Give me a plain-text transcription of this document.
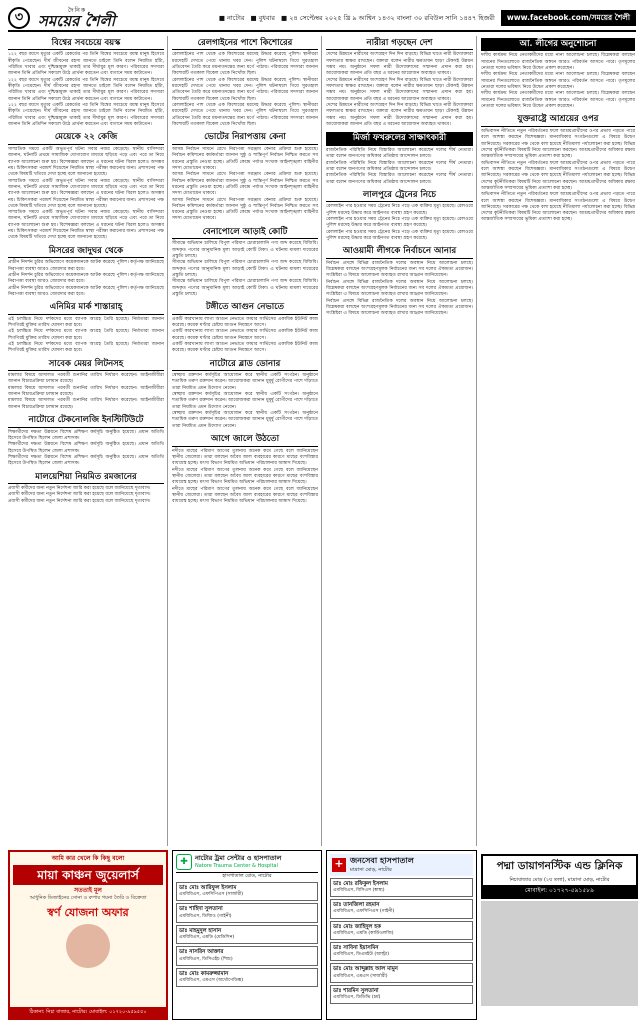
৩
দৈনিক
সময়ের শৈলী	■ নাটোর ■ বুধবার ■ ২৪ সেপ্টেম্বর ২০২৫ খ্রি ৯ আশ্বিন ১৪৩২ বাংলা ৩০ রবিউল সানি ১৪৪৭ হিজরী	www.facebook.com/সময়ের শৈলী
বিশ্বের সবচেয়ে বয়স্ক

১২২ বছর বয়সে মৃত্যুর একটি রেকর্ডের পর তিনি বিশ্বের সবচেয়ে বয়স্ক মানুষ হিসেবে স্বীকৃতি পেয়েছেন। দীর্ঘ জীবনের রহস্য জানতে চাইলে তিনি বলেন নিয়মিত হাঁটা, পরিমিত খাবার এবং দুশ্চিন্তামুক্ত থাকাই তার দীর্ঘায়ুর মূল কারণ। পরিবারের সদস্যরা জানান তিনি প্রতিদিন সকালে উঠে প্রার্থনা করতেন এবং বাগানে সময় কাটাতেন।

১২২ বছর বয়সে মৃত্যুর একটি রেকর্ডের পর তিনি বিশ্বের সবচেয়ে বয়স্ক মানুষ হিসেবে স্বীকৃতি পেয়েছেন। দীর্ঘ জীবনের রহস্য জানতে চাইলে তিনি বলেন নিয়মিত হাঁটা, পরিমিত খাবার এবং দুশ্চিন্তামুক্ত থাকাই তার দীর্ঘায়ুর মূল কারণ। পরিবারের সদস্যরা জানান তিনি প্রতিদিন সকালে উঠে প্রার্থনা করতেন এবং বাগানে সময় কাটাতেন।

১২২ বছর বয়সে মৃত্যুর একটি রেকর্ডের পর তিনি বিশ্বের সবচেয়ে বয়স্ক মানুষ হিসেবে স্বীকৃতি পেয়েছেন। দীর্ঘ জীবনের রহস্য জানতে চাইলে তিনি বলেন নিয়মিত হাঁটা, পরিমিত খাবার এবং দুশ্চিন্তামুক্ত থাকাই তার দীর্ঘায়ুর মূল কারণ। পরিবারের সদস্যরা জানান তিনি প্রতিদিন সকালে উঠে প্রার্থনা করতেন এবং বাগানে সময় কাটাতেন।

মেয়েকে ২২ কেজি

সাম্প্রতিক সময়ে একটি অভূতপূর্ব ঘটনা সবার নজর কেড়েছে। স্থানীয় বাসিন্দারা জানান, ঘটনাটি প্রথমে সামাজিক যোগাযোগ মাধ্যমে ছড়িয়ে পড়ে এবং পরে তা নিয়ে ব্যাপক আলোচনা শুরু হয়। বিশেষজ্ঞরা বলছেন এ ধরনের ঘটনা বিরল হলেও অসম্ভব নয়। চিকিৎসকরা পরামর্শ দিয়েছেন নিয়মিত স্বাস্থ্য পরীক্ষা করানোর জন্য। প্রশাসনের পক্ষ থেকে বিষয়টি খতিয়ে দেখা হচ্ছে বলে জানানো হয়েছে।

সাম্প্রতিক সময়ে একটি অভূতপূর্ব ঘটনা সবার নজর কেড়েছে। স্থানীয় বাসিন্দারা জানান, ঘটনাটি প্রথমে সামাজিক যোগাযোগ মাধ্যমে ছড়িয়ে পড়ে এবং পরে তা নিয়ে ব্যাপক আলোচনা শুরু হয়। বিশেষজ্ঞরা বলছেন এ ধরনের ঘটনা বিরল হলেও অসম্ভব নয়। চিকিৎসকরা পরামর্শ দিয়েছেন নিয়মিত স্বাস্থ্য পরীক্ষা করানোর জন্য। প্রশাসনের পক্ষ থেকে বিষয়টি খতিয়ে দেখা হচ্ছে বলে জানানো হয়েছে।

সাম্প্রতিক সময়ে একটি অভূতপূর্ব ঘটনা সবার নজর কেড়েছে। স্থানীয় বাসিন্দারা জানান, ঘটনাটি প্রথমে সামাজিক যোগাযোগ মাধ্যমে ছড়িয়ে পড়ে এবং পরে তা নিয়ে ব্যাপক আলোচনা শুরু হয়। বিশেষজ্ঞরা বলছেন এ ধরনের ঘটনা বিরল হলেও অসম্ভব নয়। চিকিৎসকরা পরামর্শ দিয়েছেন নিয়মিত স্বাস্থ্য পরীক্ষা করানোর জন্য। প্রশাসনের পক্ষ থেকে বিষয়টি খতিয়ে দেখা হচ্ছে বলে জানানো হয়েছে।

মিসরের জাদুঘর থেকে

প্রাচীন নিদর্শন চুরির অভিযোগে কয়েকজনকে আটক করেছে পুলিশ। কর্তৃপক্ষ জানিয়েছে নিরাপত্তা ব্যবস্থা আরও জোরদার করা হবে।

প্রাচীন নিদর্শন চুরির অভিযোগে কয়েকজনকে আটক করেছে পুলিশ। কর্তৃপক্ষ জানিয়েছে নিরাপত্তা ব্যবস্থা আরও জোরদার করা হবে।

প্রাচীন নিদর্শন চুরির অভিযোগে কয়েকজনকে আটক করেছে পুলিশ। কর্তৃপক্ষ জানিয়েছে নিরাপত্তা ব্যবস্থা আরও জোরদার করা হবে।

এনিমির মার্ক শাস্তারাহ্‌

এই চলচ্চিত্র নিয়ে দর্শকদের মধ্যে ব্যাপক আগ্রহ তৈরি হয়েছে। নির্মাতারা জানান শিগগিরই মুক্তির তারিখ ঘোষণা করা হবে।

এই চলচ্চিত্র নিয়ে দর্শকদের মধ্যে ব্যাপক আগ্রহ তৈরি হয়েছে। নির্মাতারা জানান শিগগিরই মুক্তির তারিখ ঘোষণা করা হবে।

এই চলচ্চিত্র নিয়ে দর্শকদের মধ্যে ব্যাপক আগ্রহ তৈরি হয়েছে। নির্মাতারা জানান শিগগিরই মুক্তির তারিখ ঘোষণা করা হবে।

সাবেক মেয়র লিটনসহ

মামলার বিষয়ে আদালত পরবর্তী শুনানির তারিখ নির্ধারণ করেছেন। আইনজীবীরা জানান বিচারপ্রক্রিয়া চলমান রয়েছে।

মামলার বিষয়ে আদালত পরবর্তী শুনানির তারিখ নির্ধারণ করেছেন। আইনজীবীরা জানান বিচারপ্রক্রিয়া চলমান রয়েছে।

মামলার বিষয়ে আদালত পরবর্তী শুনানির তারিখ নির্ধারণ করেছেন। আইনজীবীরা জানান বিচারপ্রক্রিয়া চলমান রয়েছে।

নাটোরে টেকনোলজি ইনস্টিটিউটে

শিক্ষার্থীদের দক্ষতা উন্নয়নে বিশেষ প্রশিক্ষণ কর্মসূচি অনুষ্ঠিত হয়েছে। প্রধান অতিথি হিসেবে উপস্থিত ছিলেন জেলা প্রশাসক।

শিক্ষার্থীদের দক্ষতা উন্নয়নে বিশেষ প্রশিক্ষণ কর্মসূচি অনুষ্ঠিত হয়েছে। প্রধান অতিথি হিসেবে উপস্থিত ছিলেন জেলা প্রশাসক।

শিক্ষার্থীদের দক্ষতা উন্নয়নে বিশেষ প্রশিক্ষণ কর্মসূচি অনুষ্ঠিত হয়েছে। প্রধান অতিথি হিসেবে উপস্থিত ছিলেন জেলা প্রশাসক।

মালয়েশিয়া নিয়মিত রমজানের

প্রবাসী কর্মীদের জন্য নতুন নির্দেশনা জারি করা হয়েছে বলে জানিয়েছে দূতাবাস।

প্রবাসী কর্মীদের জন্য নতুন নির্দেশনা জারি করা হয়েছে বলে জানিয়েছে দূতাবাস।

প্রবাসী কর্মীদের জন্য নতুন নির্দেশনা জারি করা হয়েছে বলে জানিয়েছে দূতাবাস।

রেলগাইনের পাশে কিশোরের

রেললাইনের পাশ থেকে এক কিশোরের মরদেহ উদ্ধার করেছে পুলিশ। স্থানীয়রা মরদেহটি দেখতে পেয়ে থানায় খবর দেন। পুলিশ ঘটনাস্থলে গিয়ে সুরতহাল প্রতিবেদন তৈরি করে ময়নাতদন্তের জন্য মর্গে পাঠায়। পরিবারের সদস্যরা জানান কিশোরটি গতকাল বিকেল থেকে নিখোঁজ ছিল।

রেললাইনের পাশ থেকে এক কিশোরের মরদেহ উদ্ধার করেছে পুলিশ। স্থানীয়রা মরদেহটি দেখতে পেয়ে থানায় খবর দেন। পুলিশ ঘটনাস্থলে গিয়ে সুরতহাল প্রতিবেদন তৈরি করে ময়নাতদন্তের জন্য মর্গে পাঠায়। পরিবারের সদস্যরা জানান কিশোরটি গতকাল বিকেল থেকে নিখোঁজ ছিল।

রেললাইনের পাশ থেকে এক কিশোরের মরদেহ উদ্ধার করেছে পুলিশ। স্থানীয়রা মরদেহটি দেখতে পেয়ে থানায় খবর দেন। পুলিশ ঘটনাস্থলে গিয়ে সুরতহাল প্রতিবেদন তৈরি করে ময়নাতদন্তের জন্য মর্গে পাঠায়। পরিবারের সদস্যরা জানান কিশোরটি গতকাল বিকেল থেকে নিখোঁজ ছিল।

ভোটের নিরাপত্তায় কেনা

আসন্ন নির্বাচন সামনে রেখে নিরাপত্তা সরঞ্জাম কেনার প্রক্রিয়া শুরু হয়েছে। নির্বাচন কমিশনের কর্মকর্তারা জানান সুষ্ঠু ও শান্তিপূর্ণ নির্বাচন নিশ্চিত করতে সব ধরনের প্রস্তুতি নেওয়া হচ্ছে। প্রতিটি কেন্দ্রে পর্যাপ্ত সংখ্যক আইনশৃঙ্খলা বাহিনীর সদস্য মোতায়েন থাকবে।

আসন্ন নির্বাচন সামনে রেখে নিরাপত্তা সরঞ্জাম কেনার প্রক্রিয়া শুরু হয়েছে। নির্বাচন কমিশনের কর্মকর্তারা জানান সুষ্ঠু ও শান্তিপূর্ণ নির্বাচন নিশ্চিত করতে সব ধরনের প্রস্তুতি নেওয়া হচ্ছে। প্রতিটি কেন্দ্রে পর্যাপ্ত সংখ্যক আইনশৃঙ্খলা বাহিনীর সদস্য মোতায়েন থাকবে।

আসন্ন নির্বাচন সামনে রেখে নিরাপত্তা সরঞ্জাম কেনার প্রক্রিয়া শুরু হয়েছে। নির্বাচন কমিশনের কর্মকর্তারা জানান সুষ্ঠু ও শান্তিপূর্ণ নির্বাচন নিশ্চিত করতে সব ধরনের প্রস্তুতি নেওয়া হচ্ছে। প্রতিটি কেন্দ্রে পর্যাপ্ত সংখ্যক আইনশৃঙ্খলা বাহিনীর সদস্য মোতায়েন থাকবে।

বেনাপোলে আড়াই কোটি

সীমান্তে অভিযান চালিয়ে বিপুল পরিমাণ চোরাচালানি পণ্য জব্দ করেছে বিজিবি। জব্দকৃত পণ্যের আনুমানিক মূল্য আড়াই কোটি টাকা। এ ঘটনায় মামলা দায়েরের প্রস্তুতি চলছে।

সীমান্তে অভিযান চালিয়ে বিপুল পরিমাণ চোরাচালানি পণ্য জব্দ করেছে বিজিবি। জব্দকৃত পণ্যের আনুমানিক মূল্য আড়াই কোটি টাকা। এ ঘটনায় মামলা দায়েরের প্রস্তুতি চলছে।

সীমান্তে অভিযান চালিয়ে বিপুল পরিমাণ চোরাচালানি পণ্য জব্দ করেছে বিজিবি। জব্দকৃত পণ্যের আনুমানিক মূল্য আড়াই কোটি টাকা। এ ঘটনায় মামলা দায়েরের প্রস্তুতি চলছে।

টঙ্গীতে আগুন নেভাতে

একটি কারখানায় লাগা আগুন নেভাতে ফায়ার সার্ভিসের একাধিক ইউনিট কাজ করেছে। কয়েক ঘণ্টার চেষ্টায় আগুন নিয়ন্ত্রণে আসে।

একটি কারখানায় লাগা আগুন নেভাতে ফায়ার সার্ভিসের একাধিক ইউনিট কাজ করেছে। কয়েক ঘণ্টার চেষ্টায় আগুন নিয়ন্ত্রণে আসে।

একটি কারখানায় লাগা আগুন নেভাতে ফায়ার সার্ভিসের একাধিক ইউনিট কাজ করেছে। কয়েক ঘণ্টার চেষ্টায় আগুন নিয়ন্ত্রণে আসে।

নাটোরে ব্লাড ডোনার

স্বেচ্ছায় রক্তদান কর্মসূচির আয়োজন করে স্থানীয় একটি সংগঠন। অনুষ্ঠানে শতাধিক তরুণ রক্তদান করেন। আয়োজকরা জানান মুমূর্ষু রোগীদের পাশে দাঁড়াতে তারা নিয়মিত এমন উদ্যোগ নেবেন।

স্বেচ্ছায় রক্তদান কর্মসূচির আয়োজন করে স্থানীয় একটি সংগঠন। অনুষ্ঠানে শতাধিক তরুণ রক্তদান করেন। আয়োজকরা জানান মুমূর্ষু রোগীদের পাশে দাঁড়াতে তারা নিয়মিত এমন উদ্যোগ নেবেন।

স্বেচ্ছায় রক্তদান কর্মসূচির আয়োজন করে স্থানীয় একটি সংগঠন। অনুষ্ঠানে শতাধিক তরুণ রক্তদান করেন। আয়োজকরা জানান মুমূর্ষু রোগীদের পাশে দাঁড়াতে তারা নিয়মিত এমন উদ্যোগ নেবেন।

আগে জালে উঠতো

নদীতে মাছের পরিমাণ আগের তুলনায় অনেক কমে গেছে বলে জানিয়েছেন স্থানীয় জেলেরা। তারা বলছেন অবৈধ জাল ব্যবহারের কারণে মাছের বংশবিস্তার বাধাগ্রস্ত হচ্ছে। মৎস্য বিভাগ নিয়মিত অভিযান পরিচালনার আশ্বাস দিয়েছে।

নদীতে মাছের পরিমাণ আগের তুলনায় অনেক কমে গেছে বলে জানিয়েছেন স্থানীয় জেলেরা। তারা বলছেন অবৈধ জাল ব্যবহারের কারণে মাছের বংশবিস্তার বাধাগ্রস্ত হচ্ছে। মৎস্য বিভাগ নিয়মিত অভিযান পরিচালনার আশ্বাস দিয়েছে।

নদীতে মাছের পরিমাণ আগের তুলনায় অনেক কমে গেছে বলে জানিয়েছেন স্থানীয় জেলেরা। তারা বলছেন অবৈধ জাল ব্যবহারের কারণে মাছের বংশবিস্তার বাধাগ্রস্ত হচ্ছে। মৎস্য বিভাগ নিয়মিত অভিযান পরিচালনার আশ্বাস দিয়েছে।

নারীরা গড়ছেন দেশ

দেশের উন্নয়নে নারীদের অংশগ্রহণ দিন দিন বাড়ছে। বিভিন্ন খাতে নারী উদ্যোক্তারা সফলতার স্বাক্ষর রাখছেন। বক্তারা বলেন নারীর ক্ষমতায়ন ছাড়া টেকসই উন্নয়ন সম্ভব নয়। অনুষ্ঠানে সফল নারী উদ্যোক্তাদের সম্মাননা প্রদান করা হয়। আয়োজকরা জানান প্রতি বছর এ ধরনের আয়োজন অব্যাহত থাকবে।

দেশের উন্নয়নে নারীদের অংশগ্রহণ দিন দিন বাড়ছে। বিভিন্ন খাতে নারী উদ্যোক্তারা সফলতার স্বাক্ষর রাখছেন। বক্তারা বলেন নারীর ক্ষমতায়ন ছাড়া টেকসই উন্নয়ন সম্ভব নয়। অনুষ্ঠানে সফল নারী উদ্যোক্তাদের সম্মাননা প্রদান করা হয়। আয়োজকরা জানান প্রতি বছর এ ধরনের আয়োজন অব্যাহত থাকবে।

দেশের উন্নয়নে নারীদের অংশগ্রহণ দিন দিন বাড়ছে। বিভিন্ন খাতে নারী উদ্যোক্তারা সফলতার স্বাক্ষর রাখছেন। বক্তারা বলেন নারীর ক্ষমতায়ন ছাড়া টেকসই উন্নয়ন সম্ভব নয়। অনুষ্ঠানে সফল নারী উদ্যোক্তাদের সম্মাননা প্রদান করা হয়। আয়োজকরা জানান প্রতি বছর এ ধরনের আয়োজন অব্যাহত থাকবে।

মির্জা ফখরুলের সাক্ষাৎকারী

রাজনৈতিক পরিস্থিতি নিয়ে বিস্তারিত আলোচনা করেছেন দলের শীর্ষ নেতারা। তারা বলেন জনগণের অধিকার প্রতিষ্ঠায় আন্দোলন চলবে।

রাজনৈতিক পরিস্থিতি নিয়ে বিস্তারিত আলোচনা করেছেন দলের শীর্ষ নেতারা। তারা বলেন জনগণের অধিকার প্রতিষ্ঠায় আন্দোলন চলবে।

রাজনৈতিক পরিস্থিতি নিয়ে বিস্তারিত আলোচনা করেছেন দলের শীর্ষ নেতারা। তারা বলেন জনগণের অধিকার প্রতিষ্ঠায় আন্দোলন চলবে।

লালপুরে ট্রেনের নিচে

রেললাইন পার হওয়ার সময় ট্রেনের নিচে পড়ে এক ব্যক্তির মৃত্যু হয়েছে। রেলওয়ে পুলিশ মরদেহ উদ্ধার করে আইনগত ব্যবস্থা গ্রহণ করেছে।

রেললাইন পার হওয়ার সময় ট্রেনের নিচে পড়ে এক ব্যক্তির মৃত্যু হয়েছে। রেলওয়ে পুলিশ মরদেহ উদ্ধার করে আইনগত ব্যবস্থা গ্রহণ করেছে।

রেললাইন পার হওয়ার সময় ট্রেনের নিচে পড়ে এক ব্যক্তির মৃত্যু হয়েছে। রেলওয়ে পুলিশ মরদেহ উদ্ধার করে আইনগত ব্যবস্থা গ্রহণ করেছে।

আওয়ামী লীগকে নির্বাচনে আনার

নির্বাচন প্রসঙ্গে বিভিন্ন রাজনৈতিক দলের অবস্থান নিয়ে আলোচনা চলছে। বিশ্লেষকরা বলছেন অংশগ্রহণমূলক নির্বাচনের জন্য সব দলের ঐক্যমত্য প্রয়োজন। সংশ্লিষ্টরা এ বিষয়ে আলোচনা অব্যাহত রাখার আহ্বান জানিয়েছেন।

নির্বাচন প্রসঙ্গে বিভিন্ন রাজনৈতিক দলের অবস্থান নিয়ে আলোচনা চলছে। বিশ্লেষকরা বলছেন অংশগ্রহণমূলক নির্বাচনের জন্য সব দলের ঐক্যমত্য প্রয়োজন। সংশ্লিষ্টরা এ বিষয়ে আলোচনা অব্যাহত রাখার আহ্বান জানিয়েছেন।

নির্বাচন প্রসঙ্গে বিভিন্ন রাজনৈতিক দলের অবস্থান নিয়ে আলোচনা চলছে। বিশ্লেষকরা বলছেন অংশগ্রহণমূলক নির্বাচনের জন্য সব দলের ঐক্যমত্য প্রয়োজন। সংশ্লিষ্টরা এ বিষয়ে আলোচনা অব্যাহত রাখার আহ্বান জানিয়েছেন।

আ. লীগের অনুশোচনা

দলীয় কার্যক্রম নিয়ে নেতাকর্মীদের মধ্যে নানা আলোচনা চলছে। বিশ্লেষকরা বলছেন সামনের দিনগুলোতে রাজনৈতিক অঙ্গনে আরও পরিবর্তন আসতে পারে। তৃণমূলের নেতারা দলের ভবিষ্যৎ নিয়ে উদ্বেগ প্রকাশ করেছেন।

দলীয় কার্যক্রম নিয়ে নেতাকর্মীদের মধ্যে নানা আলোচনা চলছে। বিশ্লেষকরা বলছেন সামনের দিনগুলোতে রাজনৈতিক অঙ্গনে আরও পরিবর্তন আসতে পারে। তৃণমূলের নেতারা দলের ভবিষ্যৎ নিয়ে উদ্বেগ প্রকাশ করেছেন।

দলীয় কার্যক্রম নিয়ে নেতাকর্মীদের মধ্যে নানা আলোচনা চলছে। বিশ্লেষকরা বলছেন সামনের দিনগুলোতে রাজনৈতিক অঙ্গনে আরও পরিবর্তন আসতে পারে। তৃণমূলের নেতারা দলের ভবিষ্যৎ নিয়ে উদ্বেগ প্রকাশ করেছেন।

যুক্তরাষ্ট্রে আশ্রয়ের ওপর

অভিবাসন নীতিতে নতুন পরিবর্তনের ফলে আশ্রয়প্রার্থীদের ওপর প্রভাব পড়তে পারে বলে আশঙ্কা করছেন বিশেষজ্ঞরা। মানবাধিকার সংগঠনগুলো এ বিষয়ে উদ্বেগ জানিয়েছে। সরকারের পক্ষ থেকে বলা হয়েছে নীতিমালা পর্যালোচনা করা হচ্ছে। বিভিন্ন দেশের কূটনীতিকরা বিষয়টি নিয়ে আলোচনা করছেন। আশ্রয়প্রার্থীদের অধিকার রক্ষায় আন্তর্জাতিক সম্প্রদায়ের ভূমিকা প্রত্যাশা করা হচ্ছে।

অভিবাসন নীতিতে নতুন পরিবর্তনের ফলে আশ্রয়প্রার্থীদের ওপর প্রভাব পড়তে পারে বলে আশঙ্কা করছেন বিশেষজ্ঞরা। মানবাধিকার সংগঠনগুলো এ বিষয়ে উদ্বেগ জানিয়েছে। সরকারের পক্ষ থেকে বলা হয়েছে নীতিমালা পর্যালোচনা করা হচ্ছে। বিভিন্ন দেশের কূটনীতিকরা বিষয়টি নিয়ে আলোচনা করছেন। আশ্রয়প্রার্থীদের অধিকার রক্ষায় আন্তর্জাতিক সম্প্রদায়ের ভূমিকা প্রত্যাশা করা হচ্ছে।

অভিবাসন নীতিতে নতুন পরিবর্তনের ফলে আশ্রয়প্রার্থীদের ওপর প্রভাব পড়তে পারে বলে আশঙ্কা করছেন বিশেষজ্ঞরা। মানবাধিকার সংগঠনগুলো এ বিষয়ে উদ্বেগ জানিয়েছে। সরকারের পক্ষ থেকে বলা হয়েছে নীতিমালা পর্যালোচনা করা হচ্ছে। বিভিন্ন দেশের কূটনীতিকরা বিষয়টি নিয়ে আলোচনা করছেন। আশ্রয়প্রার্থীদের অধিকার রক্ষায় আন্তর্জাতিক সম্প্রদায়ের ভূমিকা প্রত্যাশা করা হচ্ছে।

আমি কার খেলে কি কিছু বলো
মায়া কাঞ্চন জুয়েলার্স
সততাই মূল
আধুনিক ডিজাইনের সোনা ও রুপার গয়না তৈরি ও বিক্রেতা
স্বর্ণ যোজনা অফার
ঠিকানা: নিচা বাজার, নাটোর। মোবাইল: ০১৭২০-৯৫৯৫৫০
✚	নাটোর ট্রমা সেন্টার ও হাসপাতাল
Natore Trauma Center & Hospital
হাসপাতাল রোড, নাটোর
ডাঃ মোঃ আরিফুল ইসলাম
এমবিবিএস, এফসিপিএস (সার্জারী)
ডাঃ শাহিদা সুলতানা
এমবিবিএস, ডিজিও (গাইনী)
ডাঃ মাহমুদুল হাসান
এমবিবিএস, এমডি (মেডিসিন)
ডাঃ নাসরিন আক্তার
এমবিবিএস, ডিসিএইচ (শিশু)
ডাঃ মোঃ কামরুজ্জামান
এমবিবিএস, এমএস (অর্থোপেডিক্স)
+ জনসেবা হাসপাতাল
মাদ্রাসা মোড়, নাটোর
ডাঃ মোঃ রফিকুল ইসলাম
এমবিবিএস, বিসিএস (স্বাস্থ্য)
ডাঃ তানজিলা রহমান
এমবিবিএস, এফসিপিএস (গাইনী)
ডাঃ মোঃ জাহিদুল হক
এমবিবিএস, এমডি (কার্ডিওলজি)
ডাঃ সাবিনা ইয়াসমিন
এমবিবিএস, ডিএমইউ (আল্ট্রা)
ডাঃ মোঃ আব্দুল্লাহ আল মামুন
এমবিবিএস, এমএস (সার্জারী)
ডাঃ শারমিন সুলতানা
এমবিবিএস, ডিডিভি (চর্ম)
পদ্মা ডায়াগনস্টিক এন্ড ক্লিনিক
নিচাবাজার মোড় (২য় তলা), মাদ্রাসা মোড়, নাটোর
মোবাইল: ০১৭২৭-৫৯১৫৮৯
